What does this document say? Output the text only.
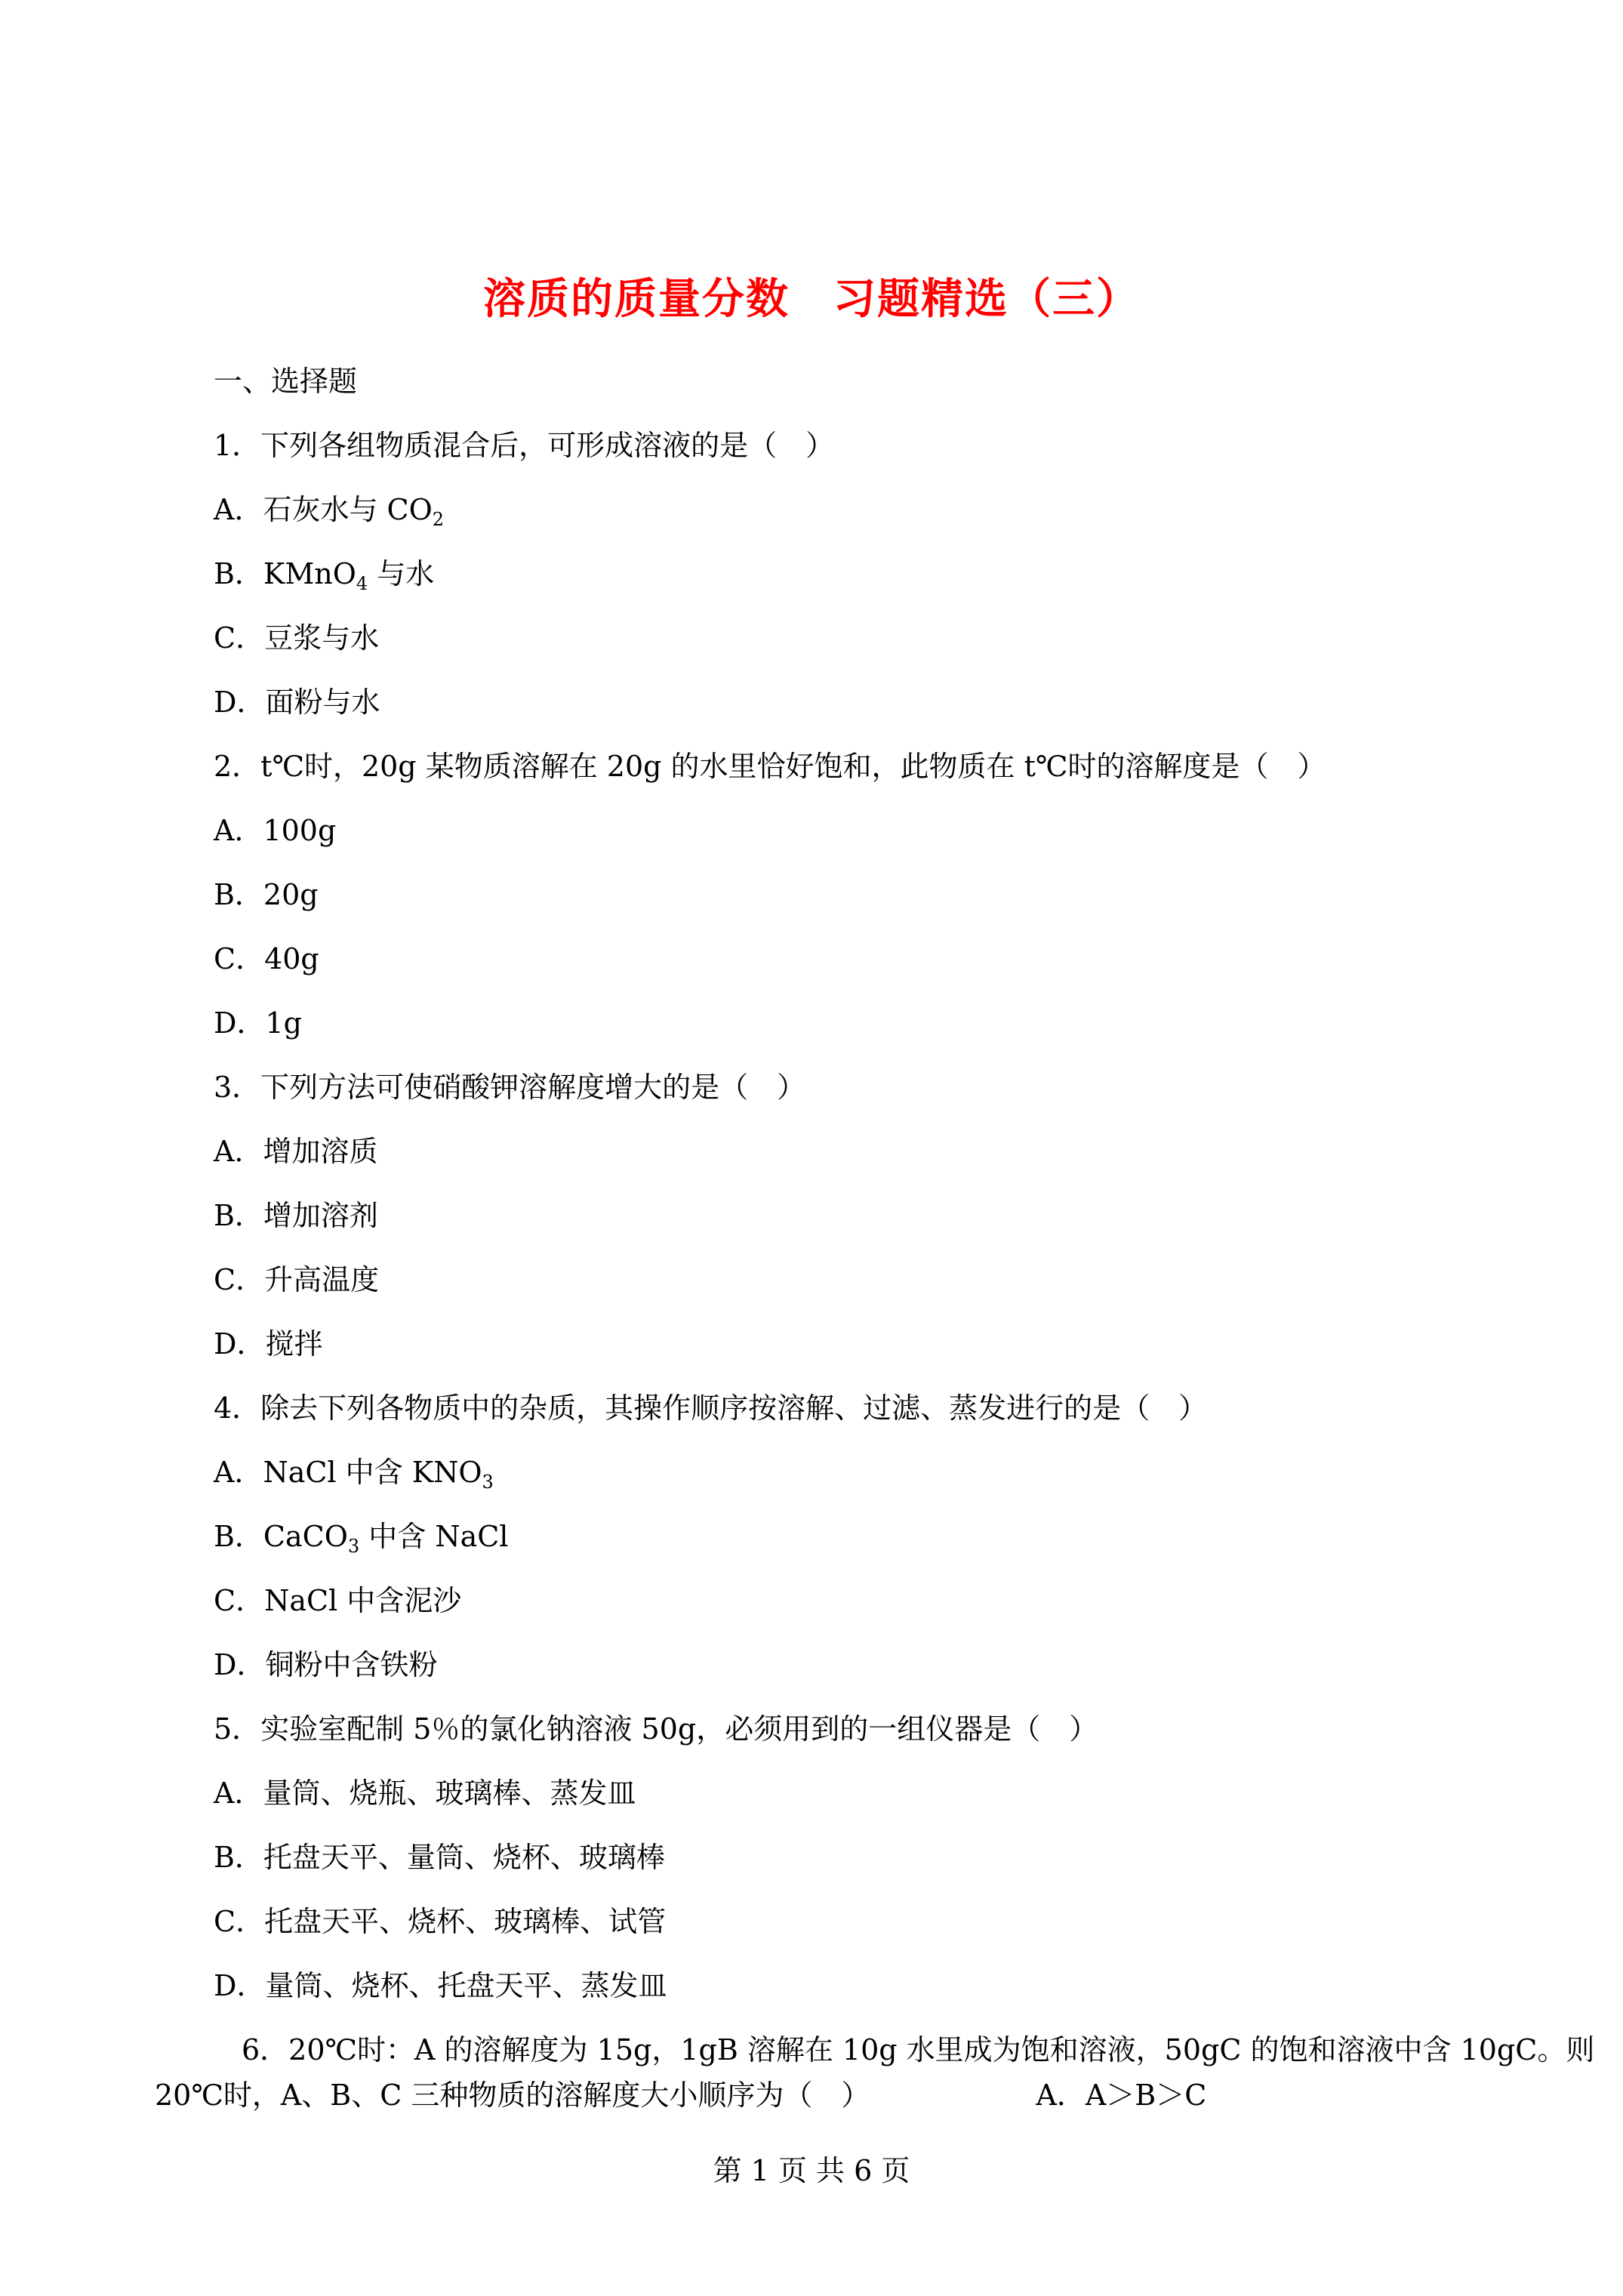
溶质的质量分数　习题精选（三）
一、选择题
1．下列各组物质混合后，可形成溶液的是（　）
A．石灰水与 $CO_2$
B．KMnO$_4$ 与水
C．豆浆与水
D．面粉与水
2．t℃时，20g 某物质溶解在 20g 的水里恰好饱和，此物质在 t℃时的溶解度是（　）
A．100g
B．20g
C．40g
D．1g
3．下列方法可使硝酸钾溶解度增大的是（　）
A．增加溶质
B．增加溶剂
C．升高温度
D．搅拌
4．除去下列各物质中的杂质，其操作顺序按溶解、过滤、蒸发进行的是（　）
A．NaCl 中含 $KNO_3$
B．CaCO$_3$ 中含 NaCl
C．NaCl 中含泥沙
D．铜粉中含铁粉
5．实验室配制 5％的氯化钠溶液 50g，必须用到的一组仪器是（　）
A．量筒、烧瓶、玻璃棒、蒸发皿
B．托盘天平、量筒、烧杯、玻璃棒
C．托盘天平、烧杯、玻璃棒、试管
D．量筒、烧杯、托盘天平、蒸发皿
6．20℃时：A 的溶解度为 15g，1gB 溶解在 10g 水里成为饱和溶液，50gC 的饱和溶液中含 10gC。则
20℃时，A、B、C 三种物质的溶解度大小顺序为（　）	A．A＞B＞C
第 1 页 共 6 页
